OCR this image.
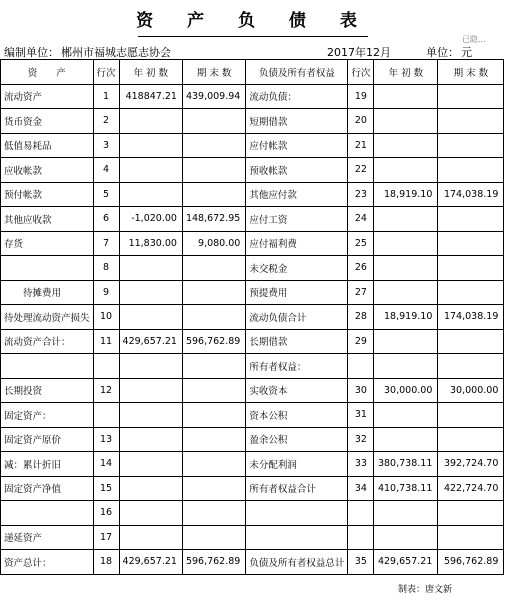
资 产 负 债 表
已隐...
编制单位： 郴州市福城志愿志协会	2017年12月	单位： 元
资　　产	行次	年 初 数	期 末 数	负债及所有者权益	行次	年 初 数	期 末 数
流动资产	1	418847.21	439,009.94	流动负债：	19		
货币资金	2			短期借款	20		
低值易耗品	3			应付帐款	21		
应收帐款	4			预收帐款	22		
预付帐款	5			其他应付款	23	18,919.10	174,038.19
其他应收款	6	-1,020.00	148,672.95	应付工资	24		
存货	7	11,830.00	9,080.00	应付福利费	25		
	8			未交税金	26		
待摊费用	9			预提费用	27		
待处理流动资产损失	10			流动负债合计	28	18,919.10	174,038.19
流动资产合计：	11	429,657.21	596,762.89	长期借款	29		
				所有者权益：			
长期投资	12			实收资本	30	30,000.00	30,000.00
固定资产：				资本公积	31		
固定资产原价	13			盈余公积	32		
减：累计折旧	14			未分配利润	33	380,738.11	392,724.70
固定资产净值	15			所有者权益合计	34	410,738.11	422,724.70
	16						
递延资产	17						
资产总计：	18	429,657.21	596,762.89	负债及所有者权益总计	35	429,657.21	596,762.89
制表：唐文新
